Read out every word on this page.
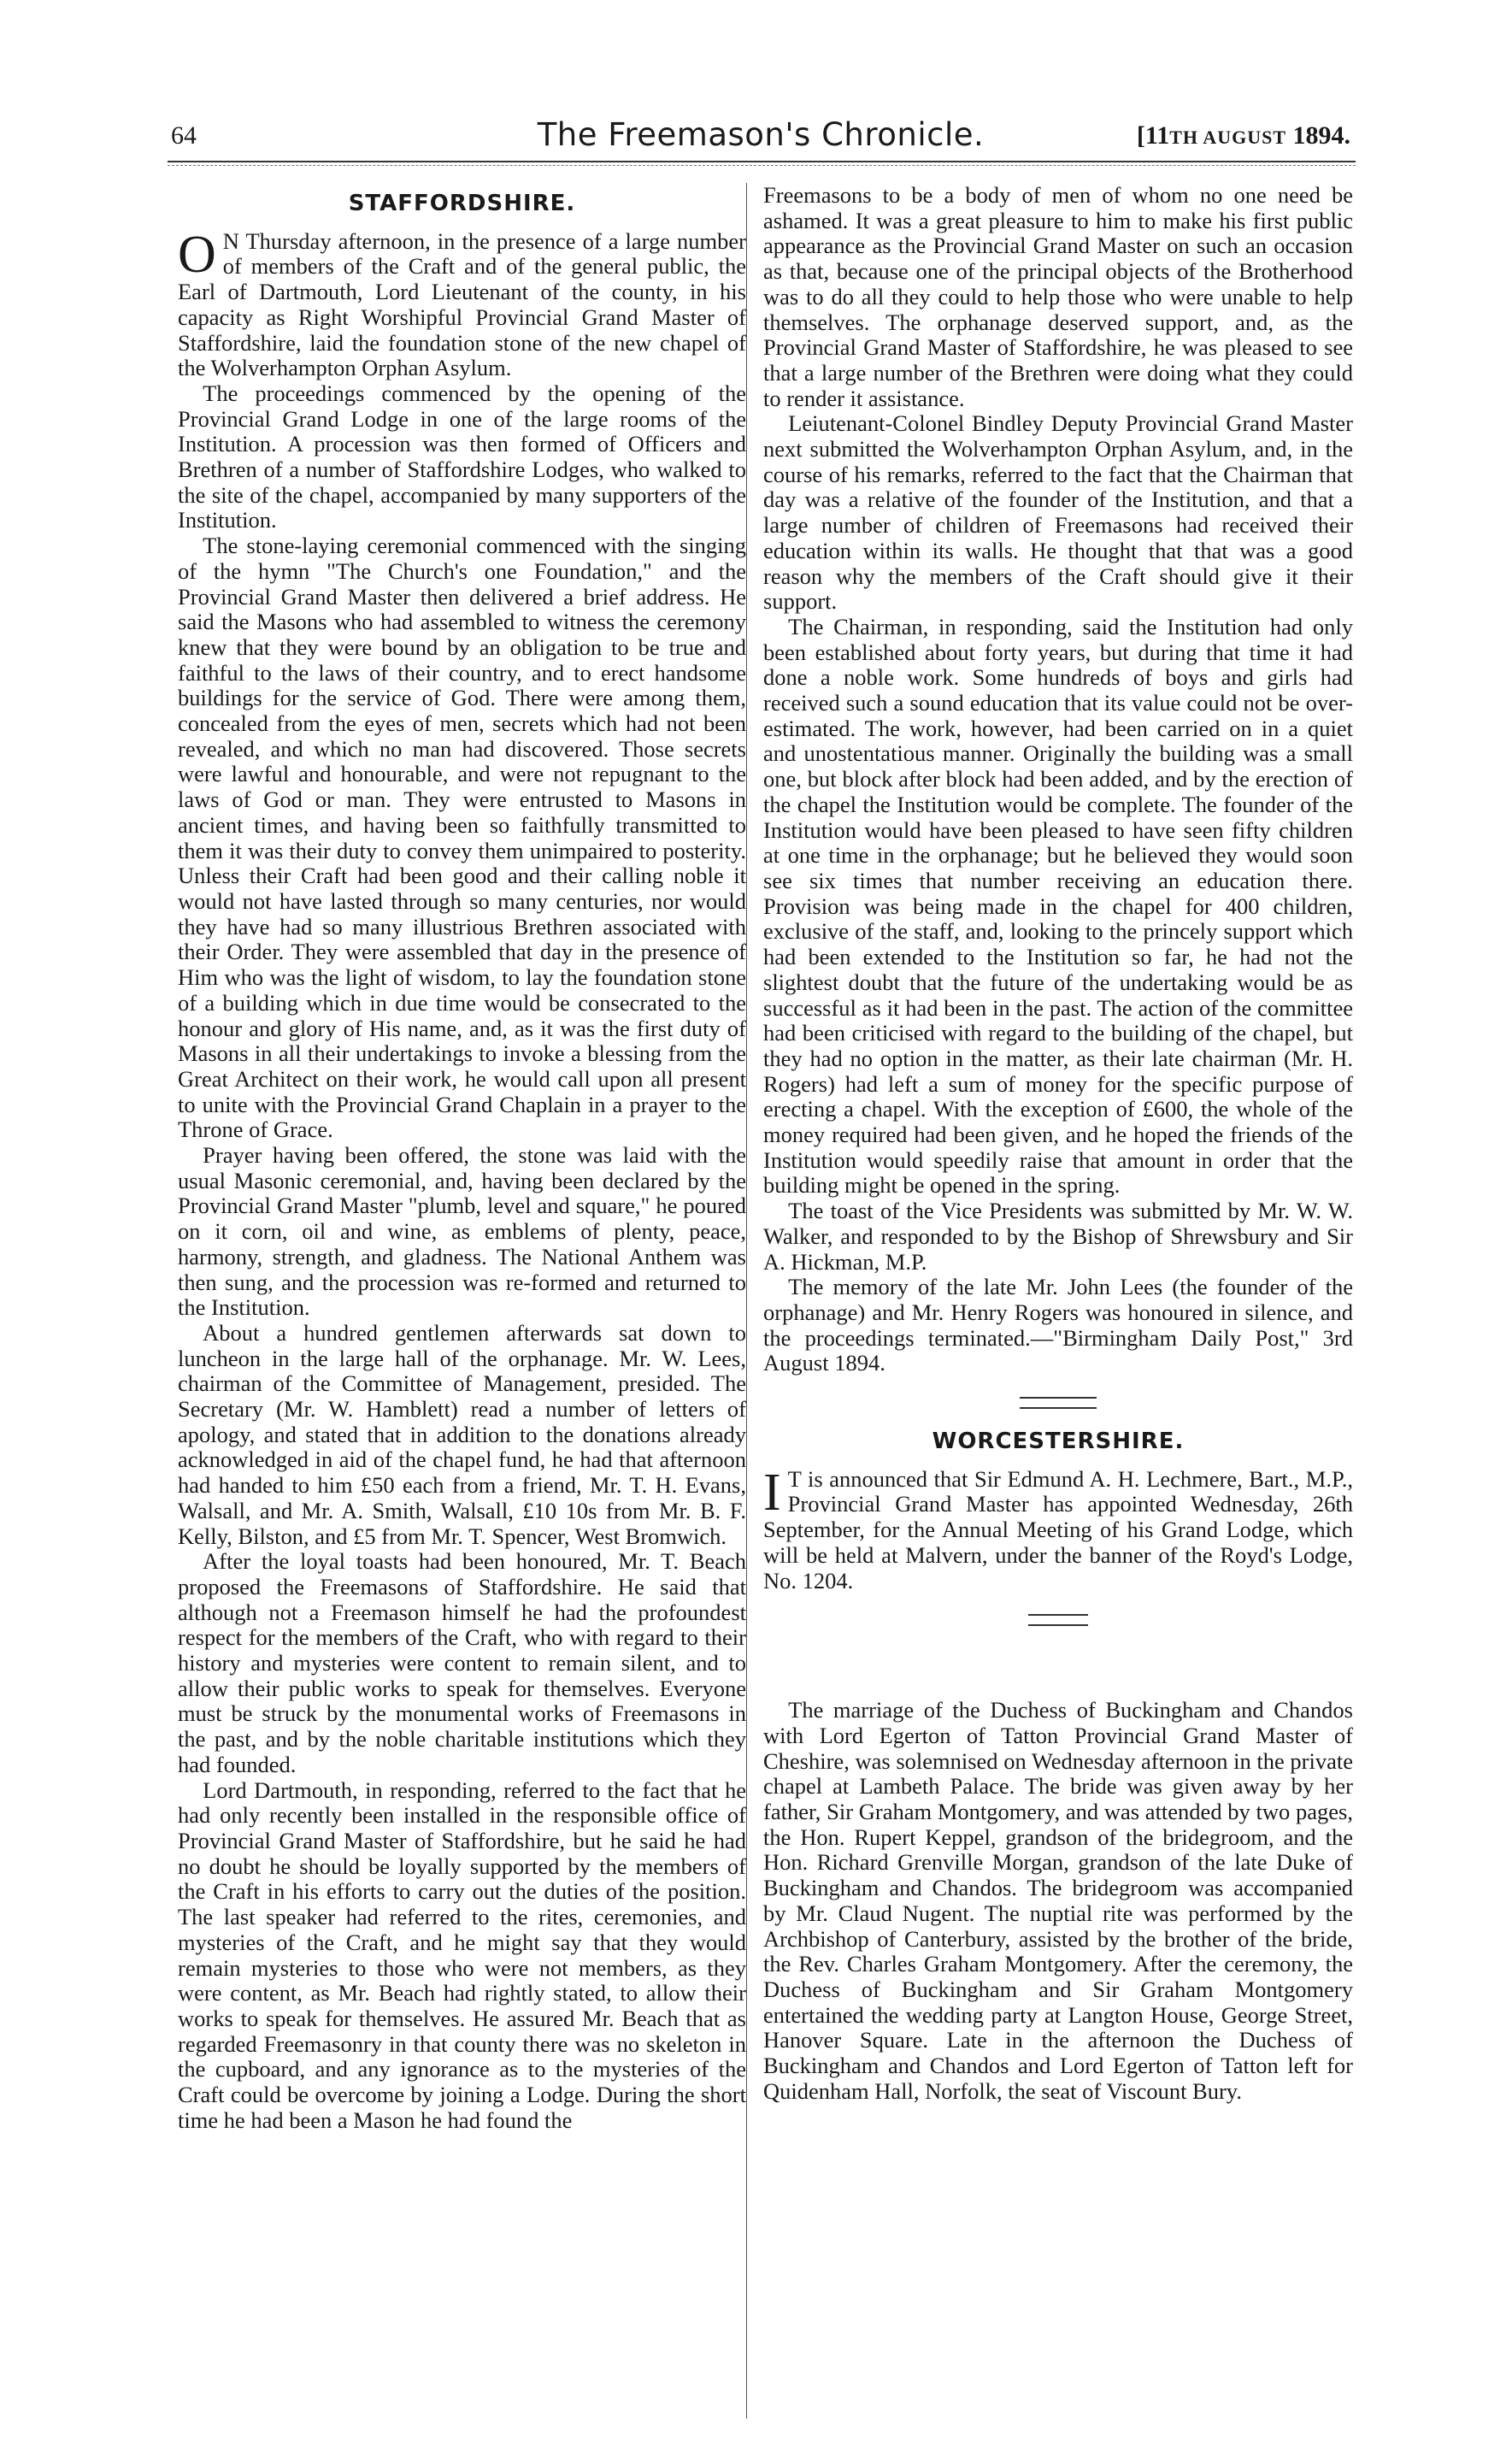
64	The Freemason's Chronicle.	[11TH AUGUST 1894.
STAFFORDSHIRE.

O N Thursday afternoon, in the presence of a large number of members of the Craft and of the general public, the Earl of Dartmouth, Lord Lieutenant of the county, in his capacity as Right Worshipful Provincial Grand Master of Staffordshire, laid the foundation stone of the new chapel of the Wolverhampton Orphan Asylum.

The proceedings commenced by the opening of the Provincial Grand Lodge in one of the large rooms of the Institution. A procession was then formed of Officers and Brethren of a number of Staffordshire Lodges, who walked to the site of the chapel, accompanied by many supporters of the Institution.

The stone-laying ceremonial commenced with the singing of the hymn "The Church's one Foundation," and the Provincial Grand Master then delivered a brief address. He said the Masons who had assembled to witness the ceremony knew that they were bound by an obligation to be true and faithful to the laws of their country, and to erect handsome buildings for the service of God. There were among them, concealed from the eyes of men, secrets which had not been revealed, and which no man had discovered. Those secrets were lawful and honourable, and were not repugnant to the laws of God or man. They were entrusted to Masons in ancient times, and having been so faithfully transmitted to them it was their duty to convey them unimpaired to posterity. Unless their Craft had been good and their calling noble it would not have lasted through so many centuries, nor would they have had so many illustrious Brethren associated with their Order. They were assembled that day in the presence of Him who was the light of wisdom, to lay the foundation stone of a building which in due time would be consecrated to the honour and glory of His name, and, as it was the first duty of Masons in all their undertakings to invoke a blessing from the Great Architect on their work, he would call upon all present to unite with the Provincial Grand Chaplain in a prayer to the Throne of Grace.

Prayer having been offered, the stone was laid with the usual Masonic ceremonial, and, having been declared by the Provincial Grand Master "plumb, level and square," he poured on it corn, oil and wine, as emblems of plenty, peace, harmony, strength, and gladness. The National Anthem was then sung, and the procession was re-formed and returned to the Institution.

About a hundred gentlemen afterwards sat down to luncheon in the large hall of the orphanage. Mr. W. Lees, chairman of the Committee of Management, presided. The Secretary (Mr. W. Hamblett) read a number of letters of apology, and stated that in addition to the donations already acknowledged in aid of the chapel fund, he had that afternoon had handed to him £50 each from a friend, Mr. T. H. Evans, Walsall, and Mr. A. Smith, Walsall, £10 10s from Mr. B. F. Kelly, Bilston, and £5 from Mr. T. Spencer, West Bromwich.

After the loyal toasts had been honoured, Mr. T. Beach proposed the Freemasons of Staffordshire. He said that although not a Freemason himself he had the profoundest respect for the members of the Craft, who with regard to their history and mysteries were content to remain silent, and to allow their public works to speak for themselves. Everyone must be struck by the monumental works of Freemasons in the past, and by the noble charitable institutions which they had founded.

Lord Dartmouth, in responding, referred to the fact that he had only recently been installed in the responsible office of Provincial Grand Master of Staffordshire, but he said he had no doubt he should be loyally supported by the members of the Craft in his efforts to carry out the duties of the position. The last speaker had referred to the rites, ceremonies, and mysteries of the Craft, and he might say that they would remain mysteries to those who were not members, as they were content, as Mr. Beach had rightly stated, to allow their works to speak for themselves. He assured Mr. Beach that as regarded Freemasonry in that county there was no skeleton in the cupboard, and any ignorance as to the mysteries of the Craft could be overcome by joining a Lodge. During the short time he had been a Mason he had found the

Freemasons to be a body of men of whom no one need be ashamed. It was a great pleasure to him to make his first public appearance as the Provincial Grand Master on such an occasion as that, because one of the principal objects of the Brotherhood was to do all they could to help those who were unable to help themselves. The orphanage deserved support, and, as the Provincial Grand Master of Staffordshire, he was pleased to see that a large number of the Brethren were doing what they could to render it assistance.

Leiutenant-Colonel Bindley Deputy Provincial Grand Master next submitted the Wolverhampton Orphan Asylum, and, in the course of his remarks, referred to the fact that the Chairman that day was a relative of the founder of the Institution, and that a large number of children of Freemasons had received their education within its walls. He thought that that was a good reason why the members of the Craft should give it their support.

The Chairman, in responding, said the Institution had only been established about forty years, but during that time it had done a noble work. Some hundreds of boys and girls had received such a sound education that its value could not be over-estimated. The work, however, had been carried on in a quiet and unostentatious manner. Originally the building was a small one, but block after block had been added, and by the erection of the chapel the Institution would be complete. The founder of the Institution would have been pleased to have seen fifty children at one time in the orphanage; but he believed they would soon see six times that number receiving an education there. Provision was being made in the chapel for 400 children, exclusive of the staff, and, looking to the princely support which had been extended to the Institution so far, he had not the slightest doubt that the future of the undertaking would be as successful as it had been in the past. The action of the committee had been criticised with regard to the building of the chapel, but they had no option in the matter, as their late chairman (Mr. H. Rogers) had left a sum of money for the specific purpose of erecting a chapel. With the exception of £600, the whole of the money required had been given, and he hoped the friends of the Institution would speedily raise that amount in order that the building might be opened in the spring.

The toast of the Vice Presidents was submitted by Mr. W. W. Walker, and responded to by the Bishop of Shrewsbury and Sir A. Hickman, M.P.

The memory of the late Mr. John Lees (the founder of the orphanage) and Mr. Henry Rogers was honoured in silence, and the proceedings terminated.—"Birmingham Daily Post," 3rd August 1894.

WORCESTERSHIRE.

I T is announced that Sir Edmund A. H. Lechmere, Bart., M.P., Provincial Grand Master has appointed Wednesday, 26th September, for the Annual Meeting of his Grand Lodge, which will be held at Malvern, under the banner of the Royd's Lodge, No. 1204.

The marriage of the Duchess of Buckingham and Chandos with Lord Egerton of Tatton Provincial Grand Master of Cheshire, was solemnised on Wednesday afternoon in the private chapel at Lambeth Palace. The bride was given away by her father, Sir Graham Montgomery, and was attended by two pages, the Hon. Rupert Keppel, grandson of the bridegroom, and the Hon. Richard Grenville Morgan, grandson of the late Duke of Buckingham and Chandos. The bridegroom was accompanied by Mr. Claud Nugent. The nuptial rite was performed by the Archbishop of Canterbury, assisted by the brother of the bride, the Rev. Charles Graham Montgomery. After the ceremony, the Duchess of Buckingham and Sir Graham Montgomery entertained the wedding party at Langton House, George Street, Hanover Square. Late in the afternoon the Duchess of Buckingham and Chandos and Lord Egerton of Tatton left for Quidenham Hall, Norfolk, the seat of Viscount Bury.
